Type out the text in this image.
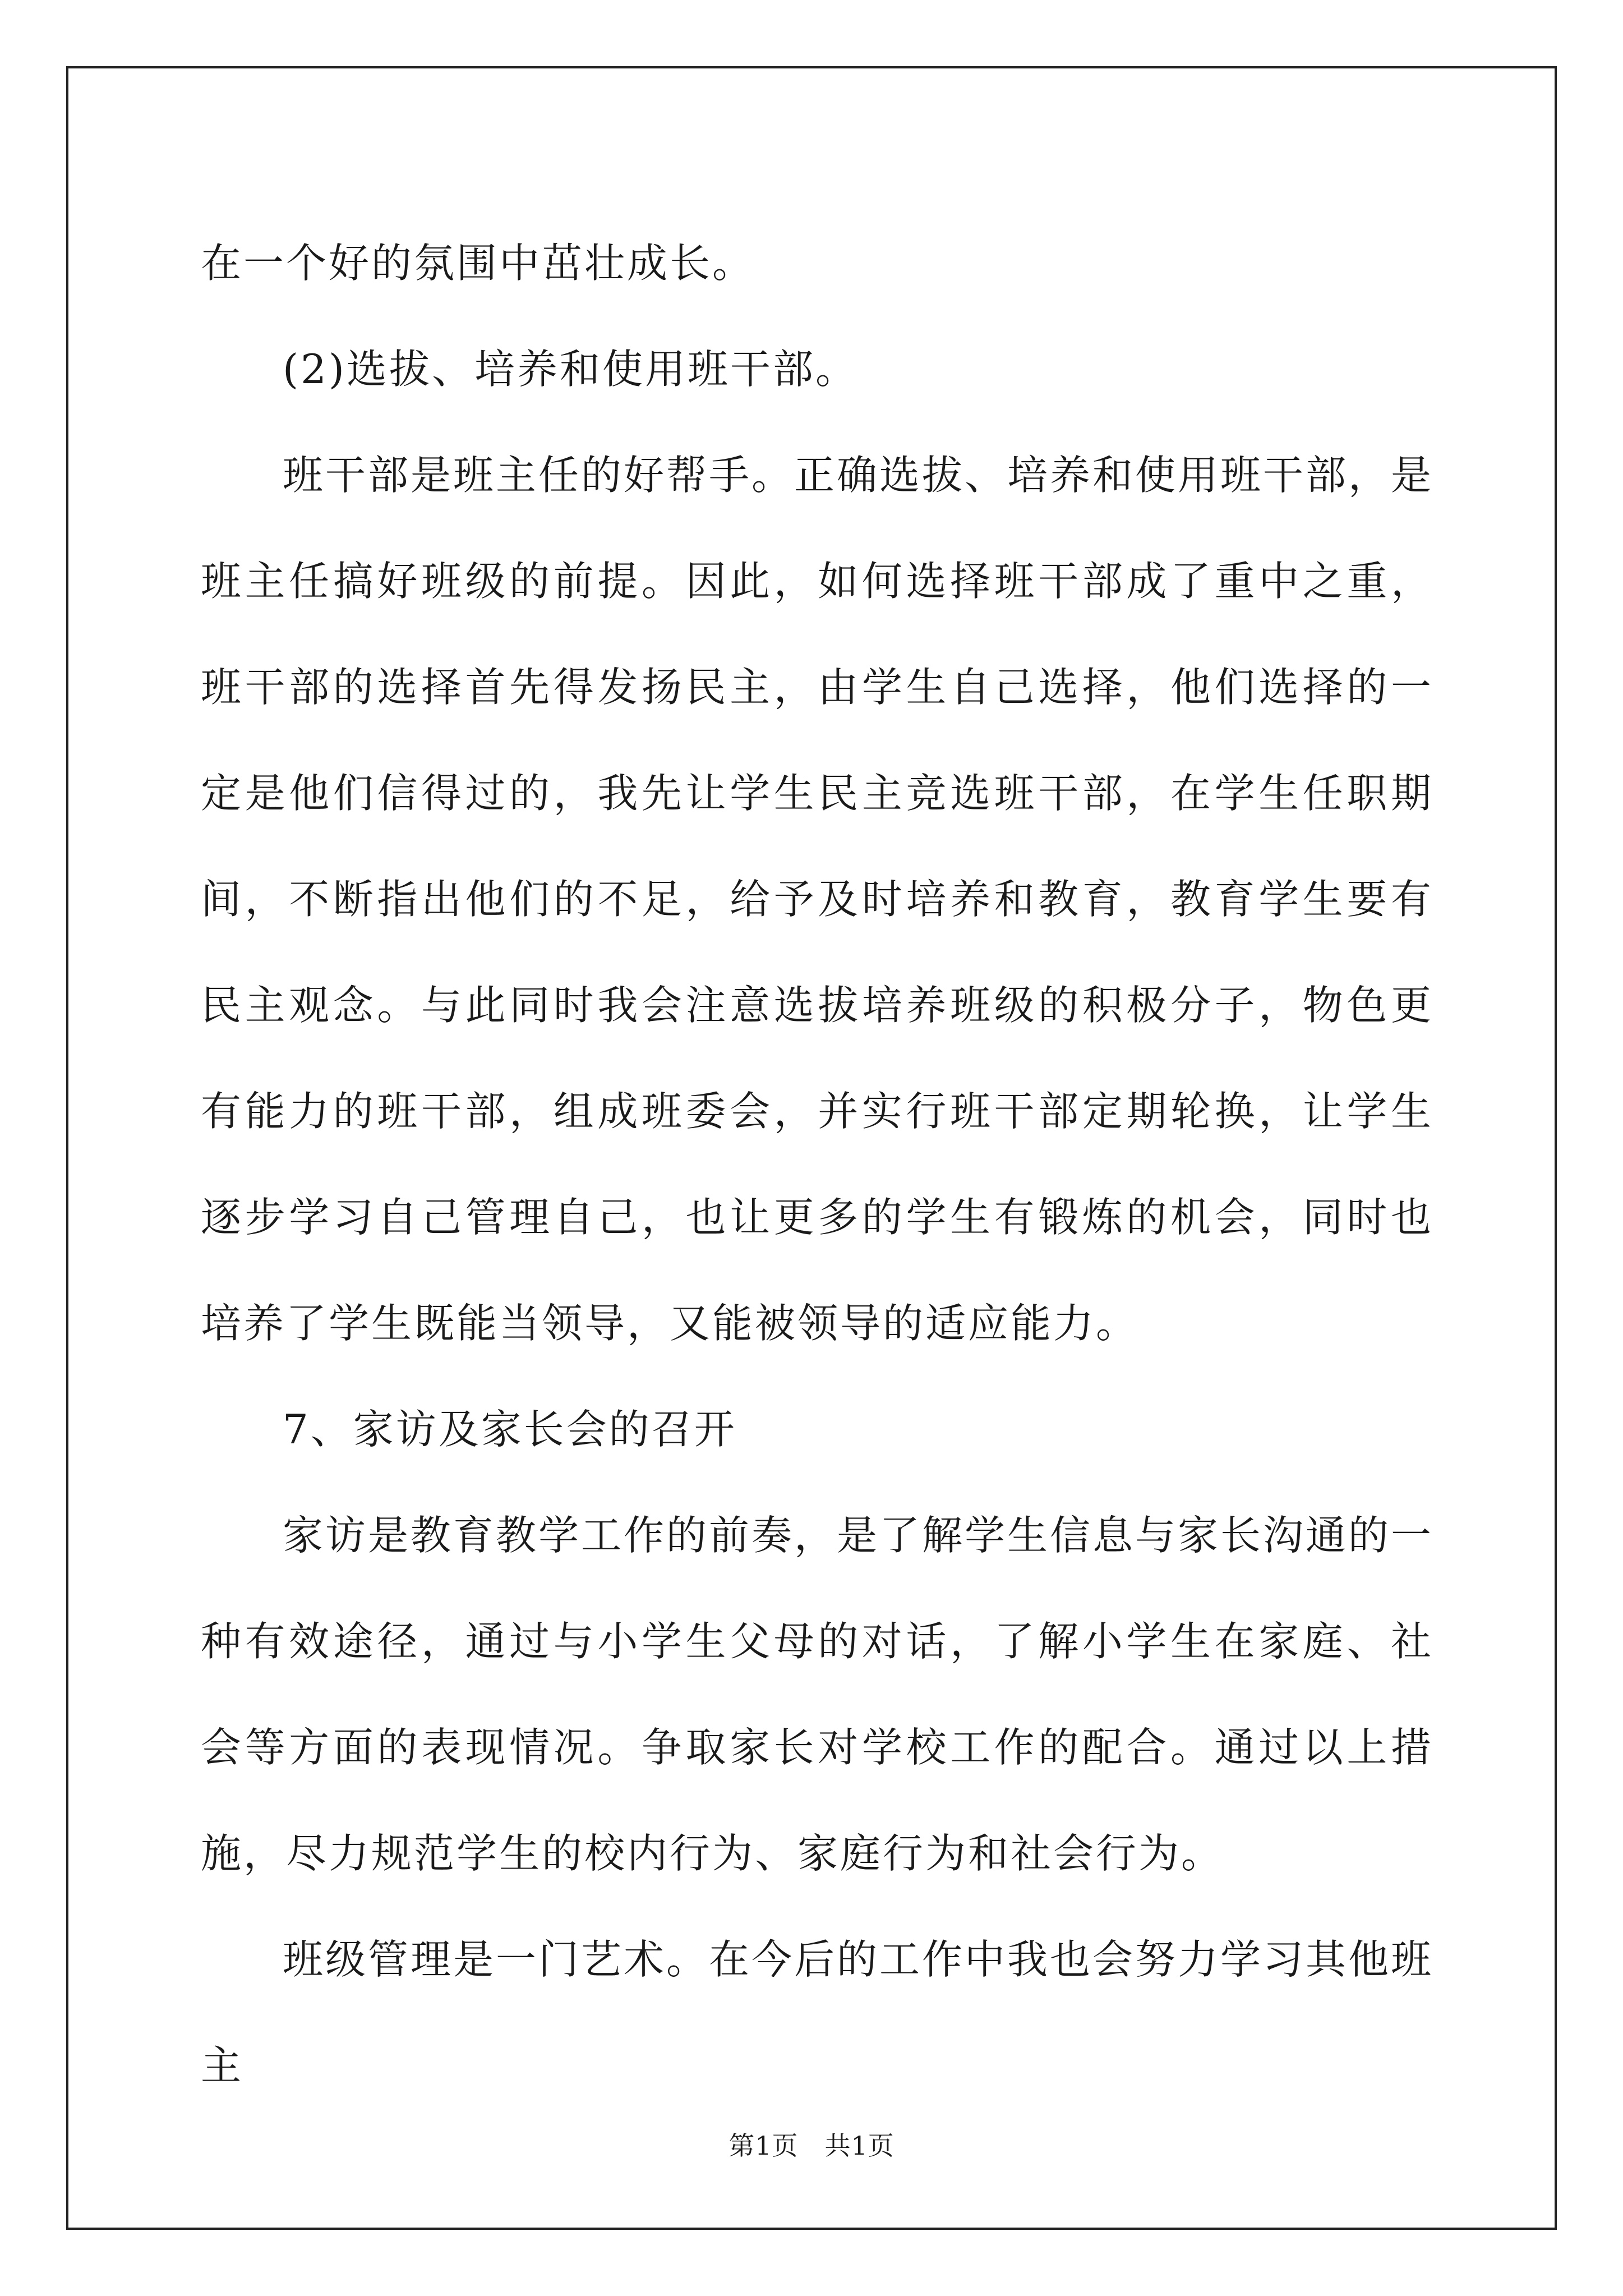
在一个好的氛围中茁壮成长。

(2)选拔、培养和使用班干部。

班干部是班主任的好帮手。正确选拔、培养和使用班干部，是班主任搞好班级的前提。因此，如何选择班干部成了重中之重，班干部的选择首先得发扬民主，由学生自己选择，他们选择的一定是他们信得过的，我先让学生民主竞选班干部，在学生任职期间，不断指出他们的不足，给予及时培养和教育，教育学生要有民主观念。与此同时我会注意选拔培养班级的积极分子，物色更有能力的班干部，组成班委会，并实行班干部定期轮换，让学生逐步学习自己管理自己，也让更多的学生有锻炼的机会，同时也培养了学生既能当领导，又能被领导的适应能力。

7、家访及家长会的召开

家访是教育教学工作的前奏，是了解学生信息与家长沟通的一种有效途径，通过与小学生父母的对话，了解小学生在家庭、社会等方面的表现情况。争取家长对学校工作的配合。通过以上措施，尽力规范学生的校内行为、家庭行为和社会行为。

班级管理是一门艺术。在今后的工作中我也会努力学习其他班主

第1页　共1页
